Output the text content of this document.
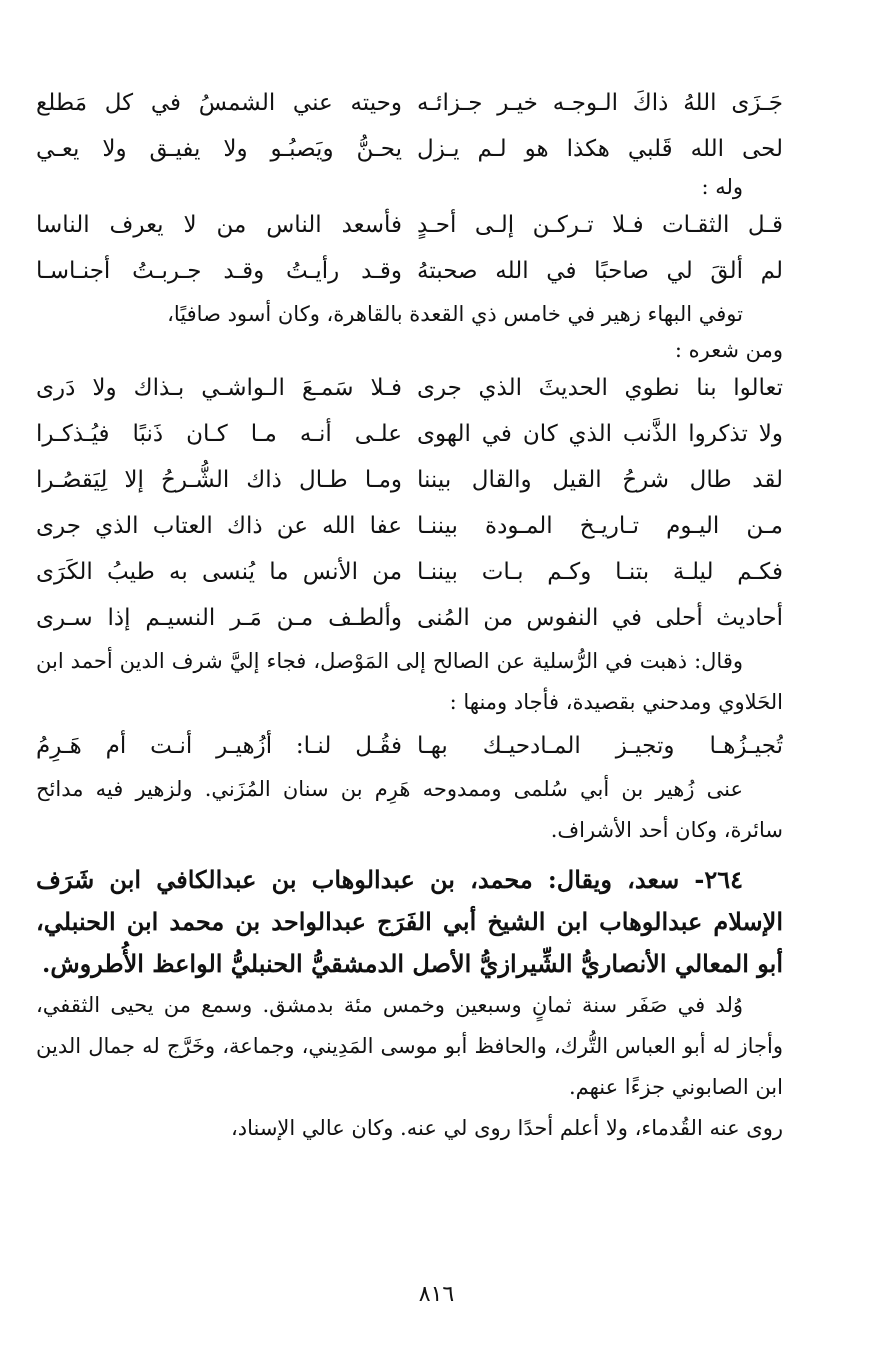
جَـزَى اللهُ ذاكَ الـوجـه خيـر جـزائـه
وحيته عني الشمسُ في كل مَطلع
لحى الله قَلبي هكذا هو لـم يـزل
يحـنُّ ويَصبُـو ولا يفيـق ولا يعـي
وله :
قـل الثقـات فـلا تـركـن إلـى أحـدٍ
فأسعد الناس من لا يعرف الناسا
لم ألقَ لي صاحبًا في الله صحبتهُ
وقـد رأيـتُ وقـد جـربـتُ أجنـاسـا
توفي البهاء زهير في خامس ذي القعدة بالقاهرة، وكان أسود صافيًا،
ومن شعره :
تعالوا بنا نطوي الحديثَ الذي جرى
فـلا سَمـعَ الـواشـي بـذاك ولا دَرى
ولا تذكروا الذَّنب الذي كان في الهوى
علـى أنـه مـا كـان ذَنبًا فيُـذكـرا
لقد طال شرحُ القيل والقال بيننا
ومـا طـال ذاك الشُّـرحُ إلا لِيَقصُـرا
مـن اليـوم تـاريـخ المـودة بيننـا
عفا الله عن ذاك العتاب الذي جرى
فكـم ليلـة بتنـا وكـم بـات بيننـا
من الأنس ما يُنسى به طيبُ الكَرَى
أحاديث أحلى في النفوس من المُنى
وألطـف مـن مَـر النسيـم إذا سـرى
وقال: ذهبت في الرُّسلية عن الصالح إلى المَوْصل، فجاء إليَّ شرف الدين أحمد ابن الحَلاوي ومدحني بقصيدة، فأجاد ومنها :
تُجيـزُهـا وتجيـز المـادحيـك بهـا
فقُـل لنـا: أزُهيـر أنـت أم هَـرِمُ
عنى زُهير بن أبي سُلمى وممدوحه هَرِم بن سنان المُزَني. ولزهير فيه مدائح سائرة، وكان أحد الأشراف.
٢٦٤- سعد، ويقال: محمد، بن عبدالوهاب بن عبدالكافي ابن شَرَف الإسلام عبدالوهاب ابن الشيخ أبي الفَرَج عبدالواحد بن محمد ابن الحنبلي، أبو المعالي الأنصاريُّ الشِّيرازيُّ الأصل الدمشقيُّ الحنبليُّ الواعظ الأُطروش.
وُلد في صَفَر سنة ثمانٍ وسبعين وخمس مئة بدمشق. وسمع من يحيى الثقفي، وأجاز له أبو العباس التُّرك، والحافظ أبو موسى المَدِيني، وجماعة، وخَرَّج له جمال الدين ابن الصابوني جزءًا عنهم.
روى عنه القُدماء، ولا أعلم أحدًا روى لي عنه. وكان عالي الإسناد،
٨١٦
